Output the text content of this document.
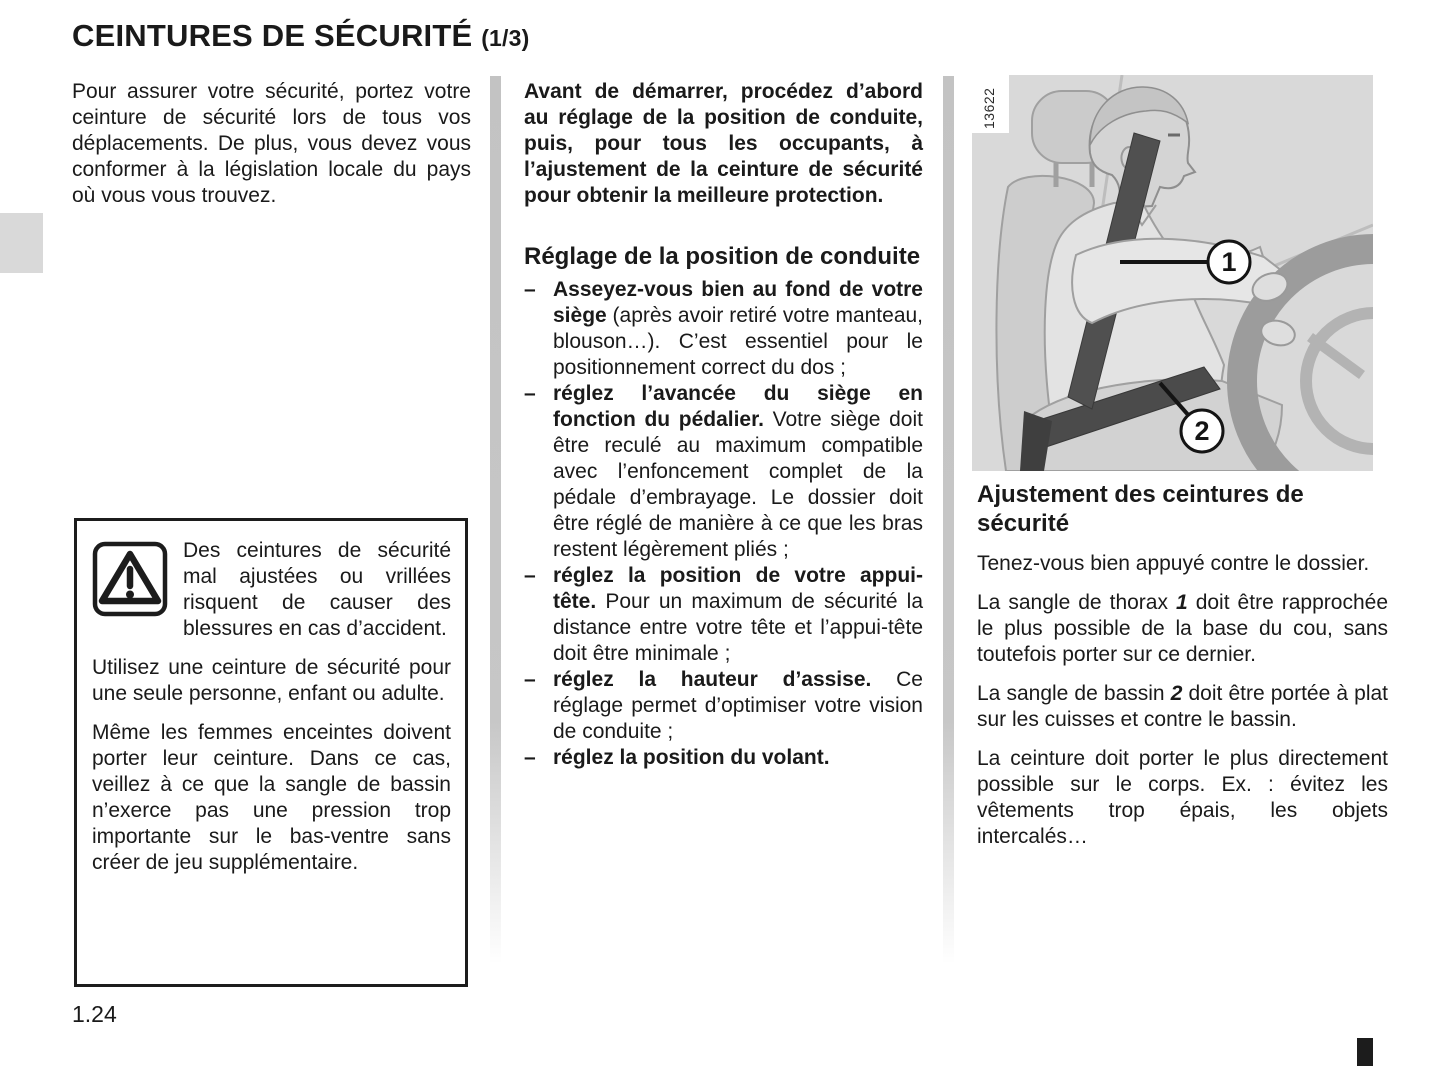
CEINTURES DE SÉCURITÉ (1/3)

Pour assurer votre sécurité, portez votre ceinture de sécurité lors de tous vos déplacements. De plus, vous devez vous conformer à la législation locale du pays où vous vous trouvez.

Des ceintures de sécurité mal ajustées ou vrillées risquent de causer des blessures en cas d’accident.

Utilisez une ceinture de sécurité pour une seule personne, enfant ou adulte.

Même les femmes enceintes doivent porter leur ceinture. Dans ce cas, veillez à ce que la sangle de bassin n’exerce pas une pression trop importante sur le bas-ventre sans créer de jeu supplémentaire.

Avant de démarrer, procédez d’abord au réglage de la position de conduite, puis, pour tous les occupants, à l’ajustement de la ceinture de sécurité pour obtenir la meilleure protection.

Réglage de la position de conduite
– Asseyez-vous bien au fond de votre siège (après avoir retiré votre manteau, blouson…). C’est essentiel pour le positionnement correct du dos ;
– réglez l’avancée du siège en fonction du pédalier. Votre siège doit être reculé au maximum compatible avec l’enfoncement complet de la pédale d’embrayage. Le dossier doit être réglé de manière à ce que les bras restent légèrement pliés ;
– réglez la position de votre appui-tête. Pour un maximum de sécurité la distance entre votre tête et l’appui-tête doit être minimale ;
– réglez la hauteur d’assise. Ce réglage permet d’optimiser votre vision de conduite ;
– réglez la position du volant.
1
2
13622
Ajustement des ceintures de sécurité

Tenez-vous bien appuyé contre le dossier.

La sangle de thorax 1 doit être rapprochée le plus possible de la base du cou, sans toutefois porter sur ce dernier.

La sangle de bassin 2 doit être portée à plat sur les cuisses et contre le bassin.

La ceinture doit porter le plus directement possible sur le corps. Ex. : évitez les vêtements trop épais, les objets intercalés…

1.24
